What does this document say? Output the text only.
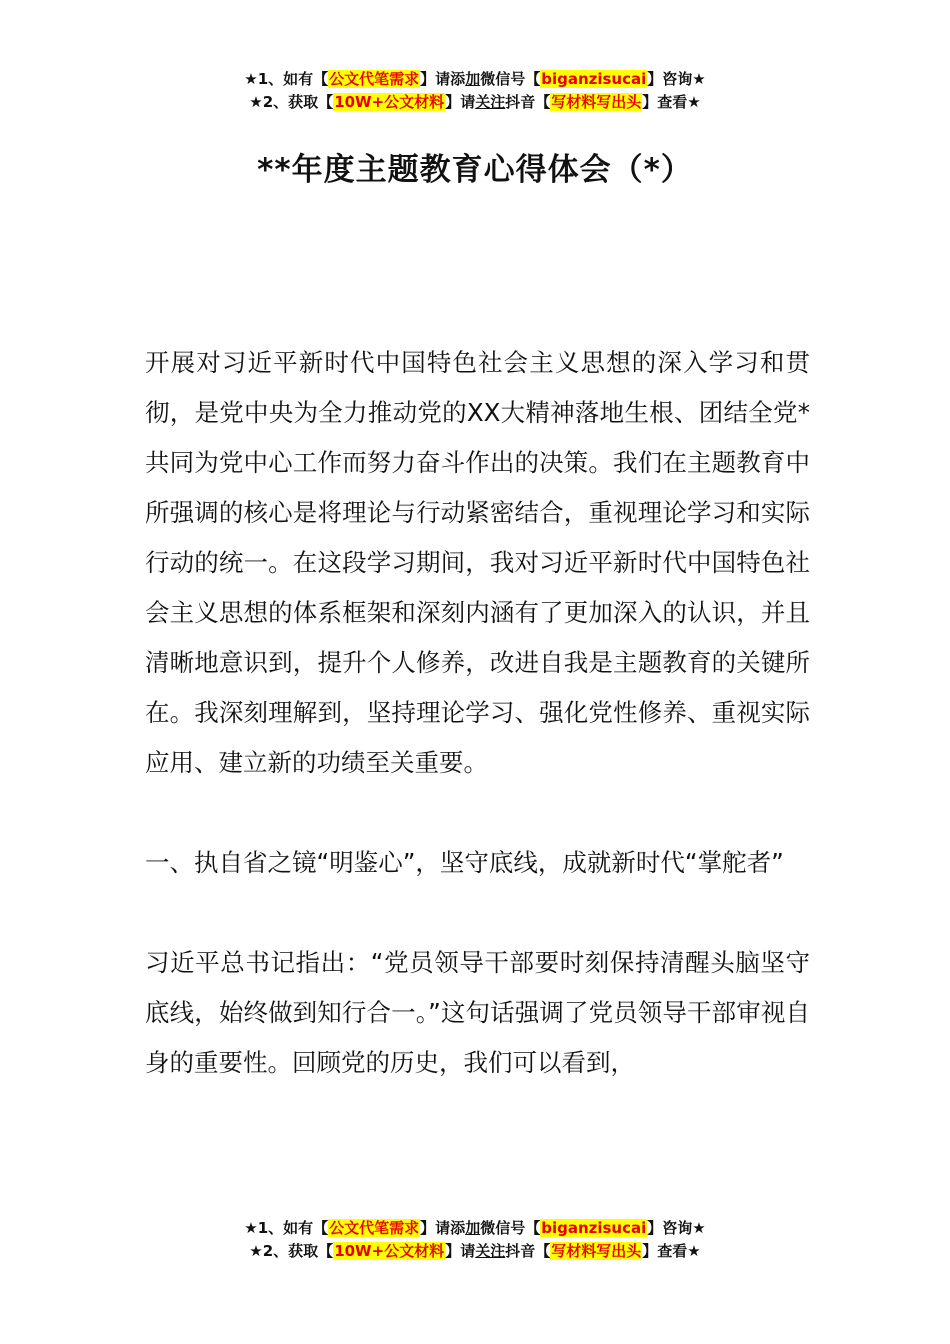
★1、如有【公文代笔需求】请添加微信号【biganzisucai】咨询★
★2、获取【10W+公文材料】请关注抖音【写材料写出头】查看★
**年度主题教育心得体会（*）

开展对习近平新时代中国特色社会主义思想的深入学习和贯彻，是党中央为全力推动党的XX大精神落地生根、团结全党*共同为党中心工作而努力奋斗作出的决策。我们在主题教育中所强调的核心是将理论与行动紧密结合，重视理论学习和实际行动的统一。在这段学习期间，我对习近平新时代中国特色社会主义思想的体系框架和深刻内涵有了更加深入的认识，并且清晰地意识到，提升个人修养，改进自我是主题教育的关键所在。我深刻理解到，坚持理论学习、强化党性修养、重视实际应用、建立新的功绩至关重要。

一、执自省之镜“明鉴心”，坚守底线，成就新时代“掌舵者”

习近平总书记指出：“党员领导干部要时刻保持清醒头脑坚守底线，始终做到知行合一。”这句话强调了党员领导干部审视自身的重要性。回顾党的历史，我们可以看到，

★1、如有【公文代笔需求】请添加微信号【biganzisucai】咨询★
★2、获取【10W+公文材料】请关注抖音【写材料写出头】查看★
